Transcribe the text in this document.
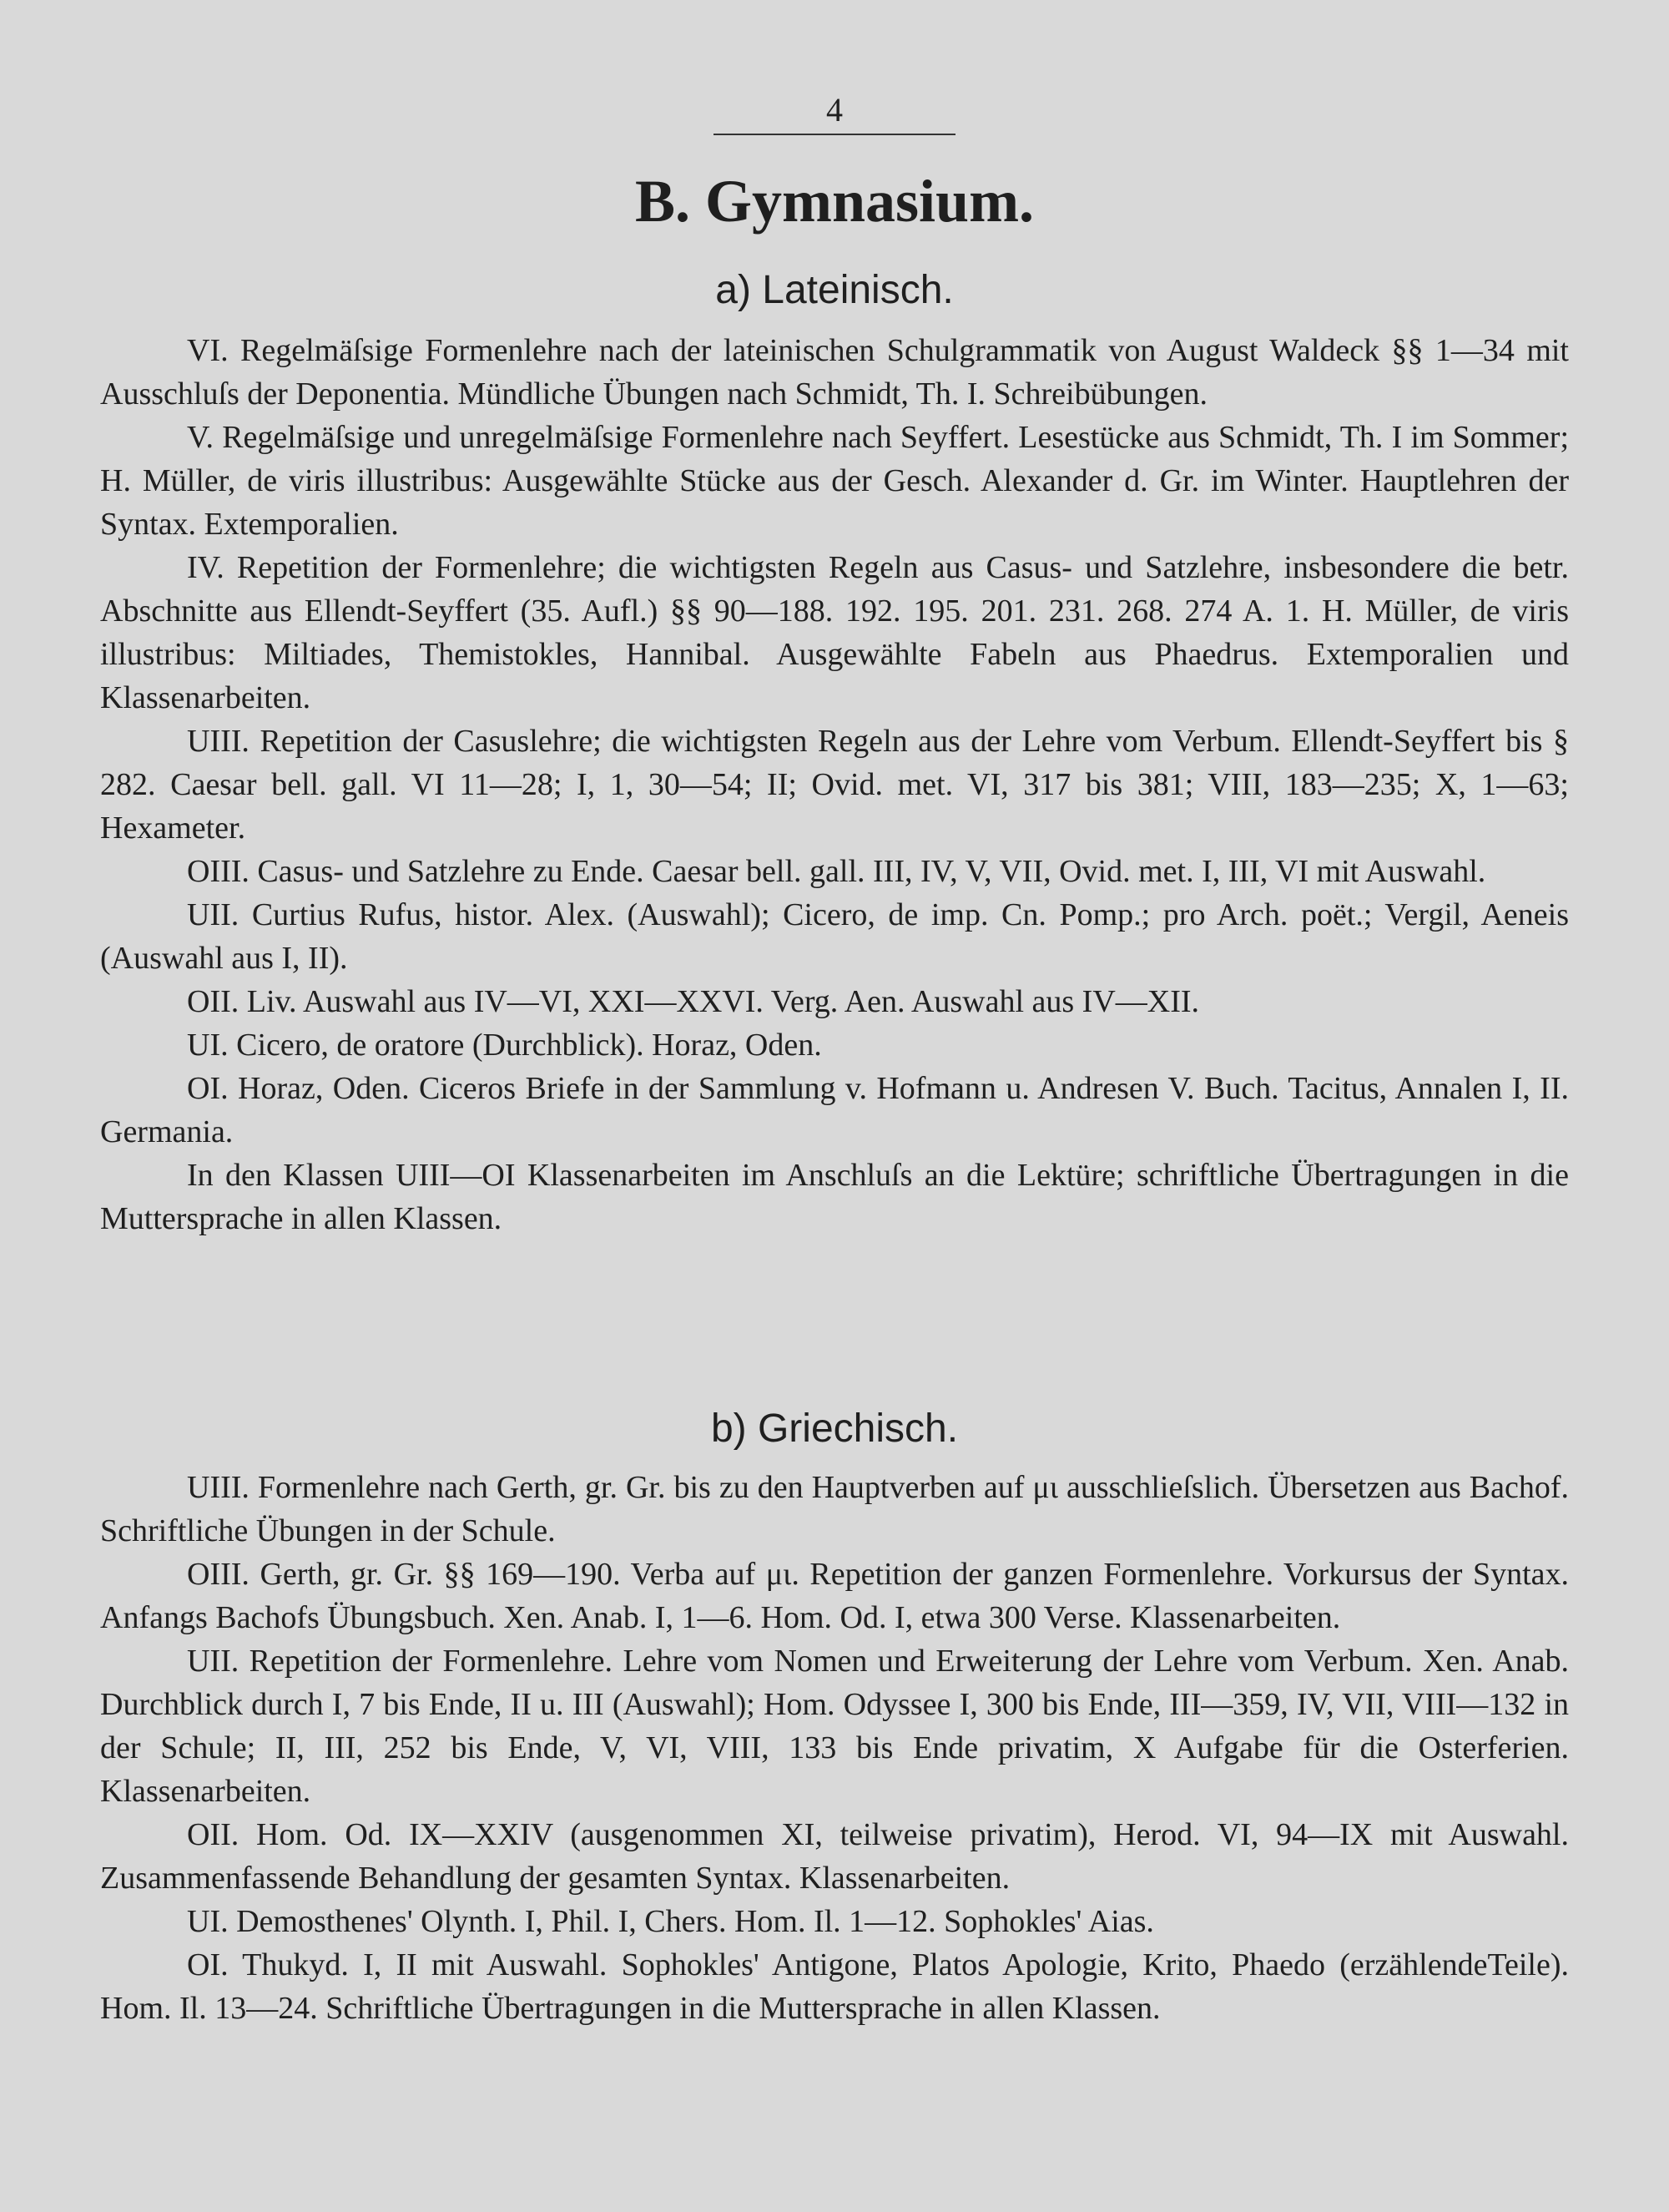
4
B. Gymnasium.
a) Lateinisch.

VI. Regelmäſsige Formenlehre nach der lateinischen Schulgrammatik von August Waldeck §§ 1—34 mit Ausschluſs der Deponentia. Mündliche Übungen nach Schmidt, Th. I. Schreibübungen.

V. Regelmäſsige und unregelmäſsige Formenlehre nach Seyffert. Lesestücke aus Schmidt, Th. I im Sommer; H. Müller, de viris illustribus: Ausgewählte Stücke aus der Gesch. Alexander d. Gr. im Winter. Hauptlehren der Syntax. Extemporalien.

IV. Repetition der Formenlehre; die wichtigsten Regeln aus Casus- und Satzlehre, insbesondere die betr. Abschnitte aus Ellendt-Seyffert (35. Aufl.) §§ 90—188. 192. 195. 201. 231. 268. 274 A. 1. H. Müller, de viris illustribus: Miltiades, Themistokles, Hannibal. Ausgewählte Fabeln aus Phaedrus. Extemporalien und Klassenarbeiten.

UIII. Repetition der Casuslehre; die wichtigsten Regeln aus der Lehre vom Verbum. Ellendt-Seyffert bis § 282. Caesar bell. gall. VI 11—28; I, 1, 30—54; II; Ovid. met. VI, 317 bis 381; VIII, 183—235; X, 1—63; Hexameter.

OIII. Casus- und Satzlehre zu Ende. Caesar bell. gall. III, IV, V, VII, Ovid. met. I, III, VI mit Auswahl.

UII. Curtius Rufus, histor. Alex. (Auswahl); Cicero, de imp. Cn. Pomp.; pro Arch. poët.; Vergil, Aeneis (Auswahl aus I, II).

OII. Liv. Auswahl aus IV—VI, XXI—XXVI. Verg. Aen. Auswahl aus IV—XII.

UI. Cicero, de oratore (Durchblick). Horaz, Oden.

OI. Horaz, Oden. Ciceros Briefe in der Sammlung v. Hofmann u. Andresen V. Buch. Tacitus, Annalen I, II. Germania.

In den Klassen UIII—OI Klassenarbeiten im Anschluſs an die Lektüre; schriftliche Übertragungen in die Muttersprache in allen Klassen.

b) Griechisch.

UIII. Formenlehre nach Gerth, gr. Gr. bis zu den Hauptverben auf μι ausschlieſslich. Übersetzen aus Bachof. Schriftliche Übungen in der Schule.

OIII. Gerth, gr. Gr. §§ 169—190. Verba auf μι. Repetition der ganzen Formenlehre. Vorkursus der Syntax. Anfangs Bachofs Übungsbuch. Xen. Anab. I, 1—6. Hom. Od. I, etwa 300 Verse. Klassenarbeiten.

UII. Repetition der Formenlehre. Lehre vom Nomen und Erweiterung der Lehre vom Verbum. Xen. Anab. Durchblick durch I, 7 bis Ende, II u. III (Auswahl); Hom. Odyssee I, 300 bis Ende, III—359, IV, VII, VIII—132 in der Schule; II, III, 252 bis Ende, V, VI, VIII, 133 bis Ende privatim, X Aufgabe für die Osterferien. Klassenarbeiten.

OII. Hom. Od. IX—XXIV (ausgenommen XI, teilweise privatim), Herod. VI, 94—IX mit Auswahl. Zusammenfassende Behandlung der gesamten Syntax. Klassenarbeiten.

UI. Demosthenes' Olynth. I, Phil. I, Chers. Hom. Il. 1—12. Sophokles' Aias.

OI. Thukyd. I, II mit Auswahl. Sophokles' Antigone, Platos Apologie, Krito, Phaedo (erzählendeTeile). Hom. Il. 13—24. Schriftliche Übertragungen in die Muttersprache in allen Klassen.
